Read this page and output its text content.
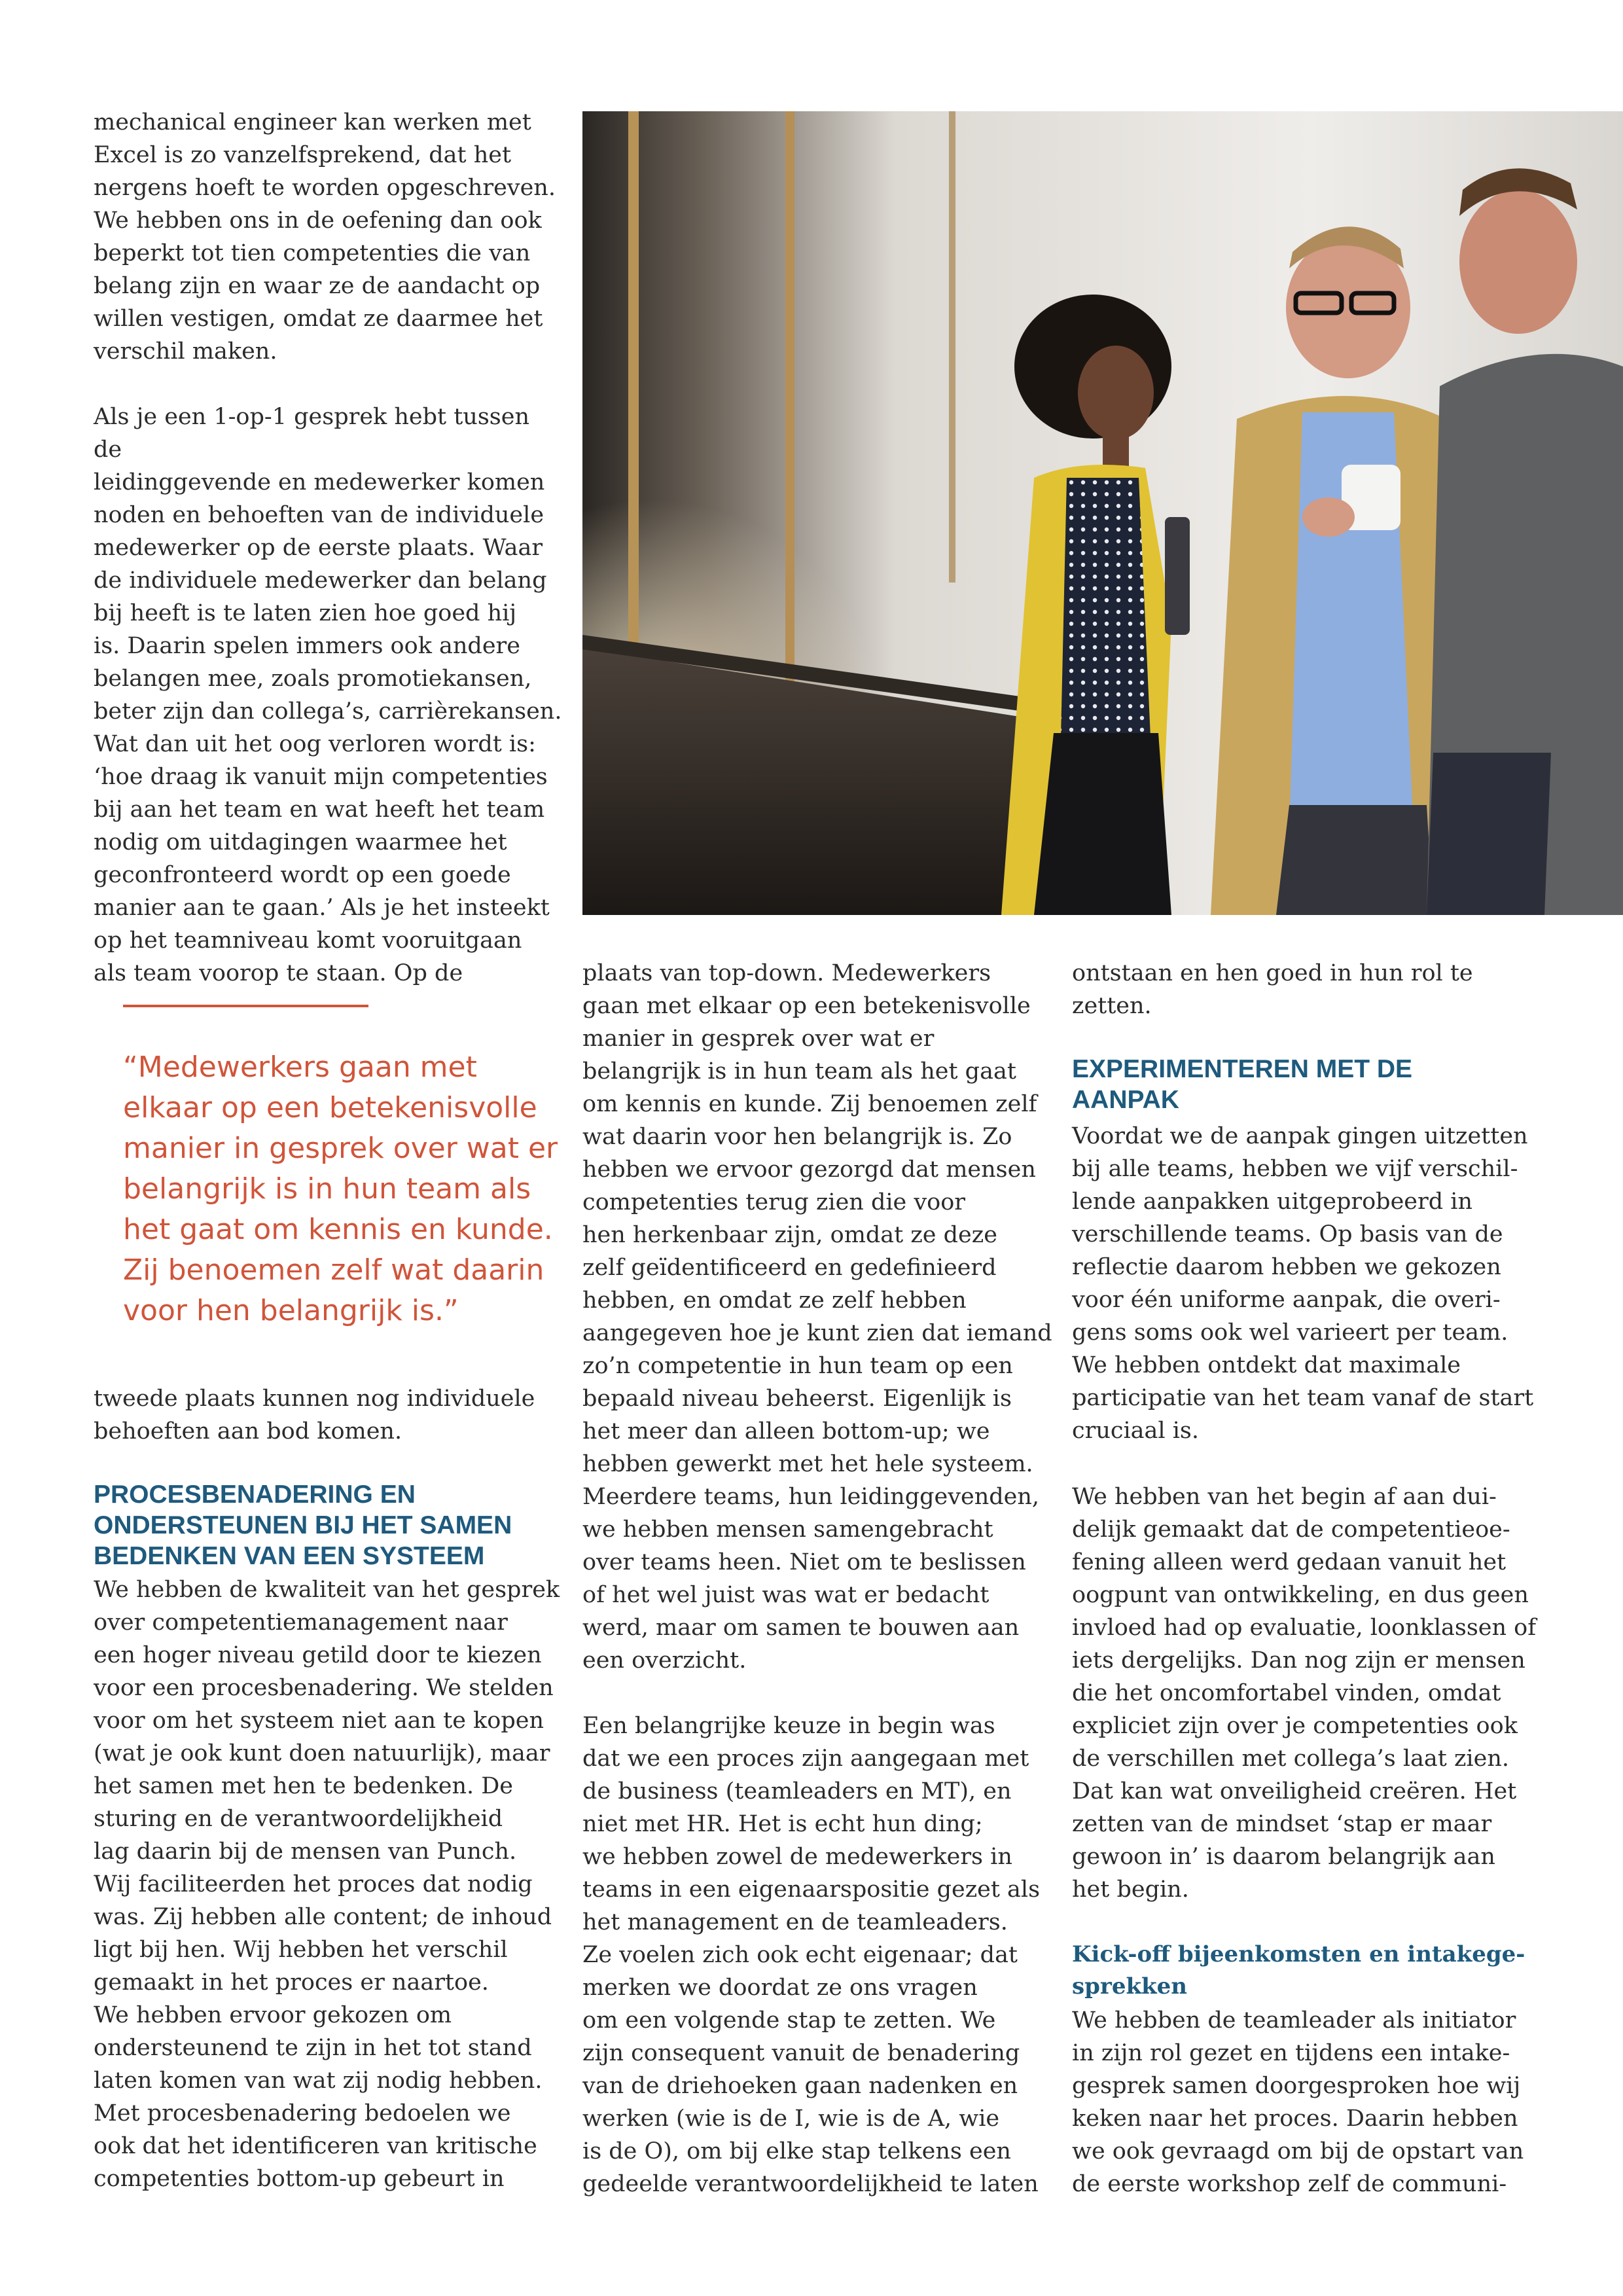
mechanical engineer kan werken met
Excel is zo vanzelfsprekend, dat het
nergens hoeft te worden opgeschreven.
We hebben ons in de oefening dan ook
beperkt tot tien competenties die van
belang zijn en waar ze de aandacht op
willen vestigen, omdat ze daarmee het
verschil maken.

Als je een 1-op-1 gesprek hebt tussen de
leidinggevende en medewerker komen
noden en behoeften van de individuele
medewerker op de eerste plaats. Waar
de individuele medewerker dan belang
bij heeft is te laten zien hoe goed hij
is. Daarin spelen immers ook andere
belangen mee, zoals promotiekansen,
beter zijn dan collega’s, carrièrekansen.
Wat dan uit het oog verloren wordt is:
‘hoe draag ik vanuit mijn competenties
bij aan het team en wat heeft het team
nodig om uitdagingen waarmee het
geconfronteerd wordt op een goede
manier aan te gaan.’ Als je het insteekt
op het teamniveau komt vooruitgaan
als team voorop te staan. Op de

“Medewerkers gaan met
elkaar op een betekenisvolle
manier in gesprek over wat er
belangrijk is in hun team als
het gaat om kennis en kunde.
Zij benoemen zelf wat daarin
voor hen belangrijk is.”

tweede plaats kunnen nog individuele
behoeften aan bod komen.

PROCESBENADERING EN
ONDERSTEUNEN BIJ HET SAMEN
BEDENKEN VAN EEN SYSTEEM

We hebben de kwaliteit van het gesprek
over competentiemanagement naar
een hoger niveau getild door te kiezen
voor een procesbenadering. We stelden
voor om het systeem niet aan te kopen
(wat je ook kunt doen natuurlijk), maar
het samen met hen te bedenken. De
sturing en de verantwoordelijkheid
lag daarin bij de mensen van Punch.
Wij faciliteerden het proces dat nodig
was. Zij hebben alle content; de inhoud
ligt bij hen. Wij hebben het verschil
gemaakt in het proces er naartoe.
We hebben ervoor gekozen om
ondersteunend te zijn in het tot stand
laten komen van wat zij nodig hebben.
Met procesbenadering bedoelen we
ook dat het identificeren van kritische
competenties bottom-up gebeurt in

plaats van top-down. Medewerkers
gaan met elkaar op een betekenisvolle
manier in gesprek over wat er
belangrijk is in hun team als het gaat
om kennis en kunde. Zij benoemen zelf
wat daarin voor hen belangrijk is. Zo
hebben we ervoor gezorgd dat mensen
competenties terug zien die voor
hen herkenbaar zijn, omdat ze deze
zelf geïdentificeerd en gedefinieerd
hebben, en omdat ze zelf hebben
aangegeven hoe je kunt zien dat iemand
zo’n competentie in hun team op een
bepaald niveau beheerst. Eigenlijk is
het meer dan alleen bottom-up; we
hebben gewerkt met het hele systeem.
Meerdere teams, hun leidinggevenden,
we hebben mensen samengebracht
over teams heen. Niet om te beslissen
of het wel juist was wat er bedacht
werd, maar om samen te bouwen aan
een overzicht.

Een belangrijke keuze in begin was
dat we een proces zijn aangegaan met
de business (teamleaders en MT), en
niet met HR. Het is echt hun ding;
we hebben zowel de medewerkers in
teams in een eigenaarspositie gezet als
het management en de teamleaders.
Ze voelen zich ook echt eigenaar; dat
merken we doordat ze ons vragen
om een volgende stap te zetten. We
zijn consequent vanuit de benadering
van de driehoeken gaan nadenken en
werken (wie is de I, wie is de A, wie
is de O), om bij elke stap telkens een
gedeelde verantwoordelijkheid te laten

ontstaan en hen goed in hun rol te
zetten.

EXPERIMENTEREN MET DE
AANPAK

Voordat we de aanpak gingen uitzetten
bij alle teams, hebben we vijf verschil-
lende aanpakken uitgeprobeerd in
verschillende teams. Op basis van de
reflectie daarom hebben we gekozen
voor één uniforme aanpak, die overi-
gens soms ook wel varieert per team.
We hebben ontdekt dat maximale
participatie van het team vanaf de start
cruciaal is.

We hebben van het begin af aan dui-
delijk gemaakt dat de competentieoe-
fening alleen werd gedaan vanuit het
oogpunt van ontwikkeling, en dus geen
invloed had op evaluatie, loonklassen of
iets dergelijks. Dan nog zijn er mensen
die het oncomfortabel vinden, omdat
expliciet zijn over je competenties ook
de verschillen met collega’s laat zien.
Dat kan wat onveiligheid creëren. Het
zetten van de mindset ‘stap er maar
gewoon in’ is daarom belangrijk aan
het begin.

Kick-off bijeenkomsten en intakege-
sprekken

We hebben de teamleader als initiator
in zijn rol gezet en tijdens een intake-
gesprek samen doorgesproken hoe wij
keken naar het proces. Daarin hebben
we ook gevraagd om bij de opstart van
de eerste workshop zelf de communi-
